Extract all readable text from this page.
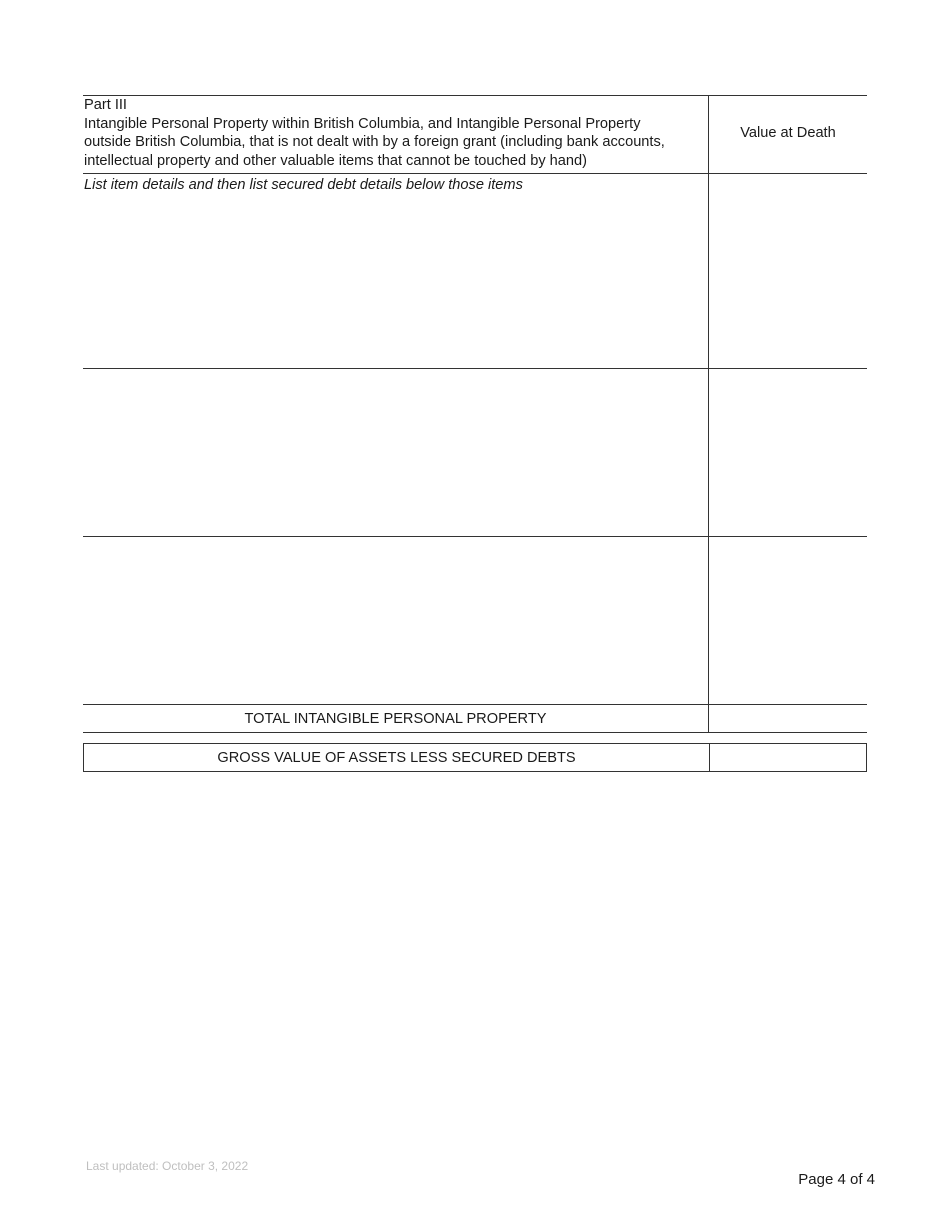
Part III
Intangible Personal Property within British Columbia, and Intangible Personal Property
outside British Columbia, that is not dealt with by a foreign grant (including bank accounts,
intellectual property and other valuable items that cannot be touched by hand)
Value at Death
List item details and then list secured debt details below those items
TOTAL INTANGIBLE PERSONAL PROPERTY
GROSS VALUE OF ASSETS LESS SECURED DEBTS
Last updated: October 3, 2022
Page 4 of 4
